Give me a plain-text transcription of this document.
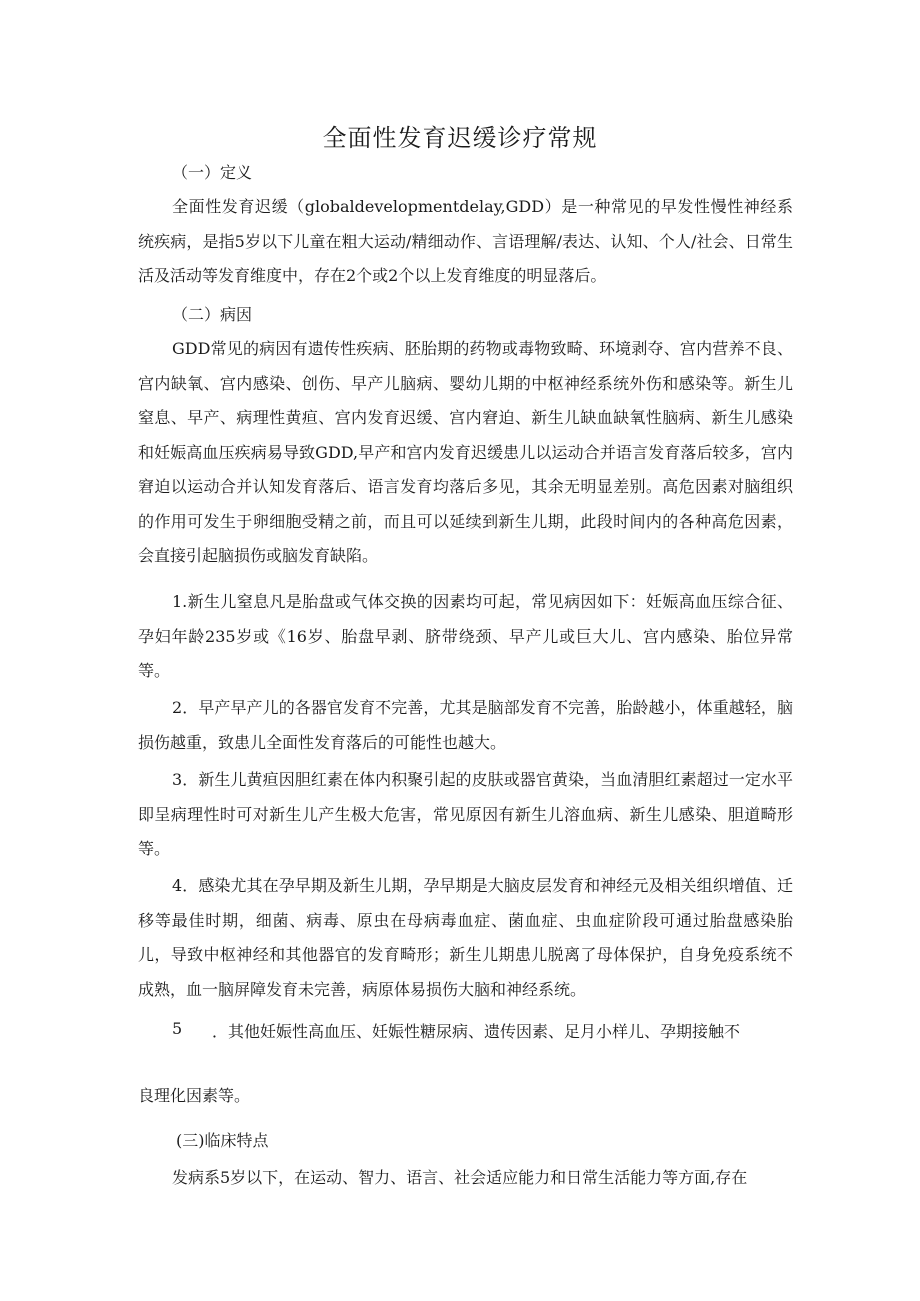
全面性发育迟缓诊疗常规
（一）定义
全面性发育迟缓（globaldevelopmentdelay,GDD）是一种常见的早发性慢性神经系统疾病，是指5岁以下儿童在粗大运动/精细动作、言语理解/表达、认知、个人/社会、日常生活及活动等发育维度中，存在2个或2个以上发育维度的明显落后。
（二）病因
GDD常见的病因有遗传性疾病、胚胎期的药物或毒物致畸、环境剥夺、宫内营养不良、宫内缺氧、宫内感染、创伤、早产儿脑病、婴幼儿期的中枢神经系统外伤和感染等。新生儿窒息、早产、病理性黄疸、宫内发育迟缓、宫内窘迫、新生儿缺血缺氧性脑病、新生儿感染和妊娠高血压疾病易导致GDD,早产和宫内发育迟缓患儿以运动合并语言发育落后较多，宫内窘迫以运动合并认知发育落后、语言发育均落后多见，其余无明显差别。高危因素对脑组织的作用可发生于卵细胞受精之前，而且可以延续到新生儿期，此段时间内的各种高危因素，会直接引起脑损伤或脑发育缺陷。
1.新生儿窒息凡是胎盘或气体交换的因素均可起，常见病因如下：妊娠高血压综合征、孕妇年龄235岁或《16岁、胎盘早剥、脐带绕颈、早产儿或巨大儿、宫内感染、胎位异常等。
2．早产早产儿的各器官发育不完善，尤其是脑部发育不完善，胎龄越小，体重越轻，脑损伤越重，致患儿全面性发育落后的可能性也越大。
3．新生儿黄疸因胆红素在体内积聚引起的皮肤或器官黄染，当血清胆红素超过一定水平即呈病理性时可对新生儿产生极大危害，常见原因有新生儿溶血病、新生儿感染、胆道畸形等。
4．感染尤其在孕早期及新生儿期，孕早期是大脑皮层发育和神经元及相关组织增值、迁移等最佳时期，细菌、病毒、原虫在母病毒血症、菌血症、虫血症阶段可通过胎盘感染胎儿，导致中枢神经和其他器官的发育畸形；新生儿期患儿脱离了母体保护，自身免疫系统不成熟，血一脑屏障发育未完善，病原体易损伤大脑和神经系统。
5 ．其他妊娠性高血压、妊娠性糖尿病、遗传因素、足月小样儿、孕期接触不
良理化因素等。
(三)临床特点
发病系5岁以下，在运动、智力、语言、社会适应能力和日常生活能力等方面,存在
